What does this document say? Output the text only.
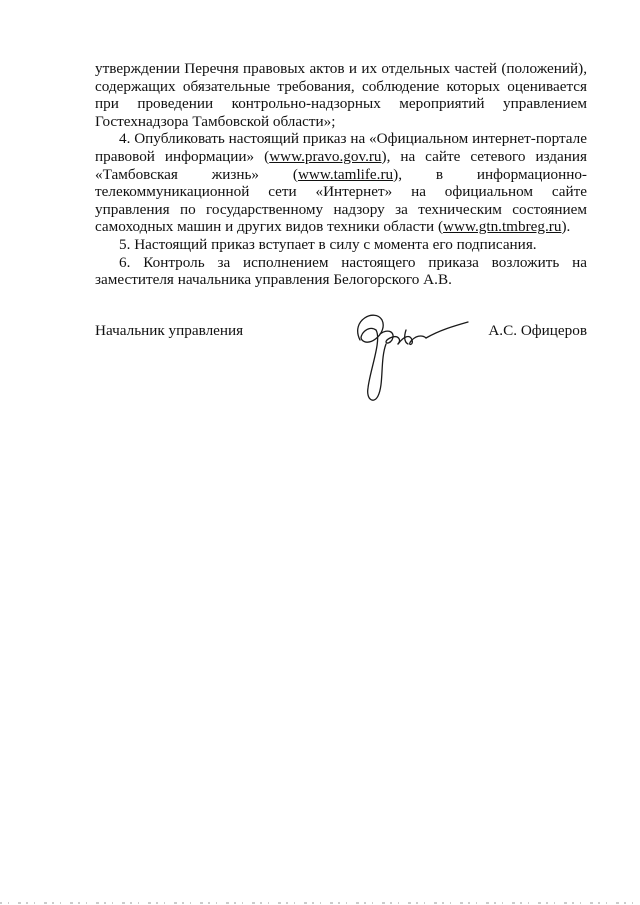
утверждении Перечня правовых актов и их отдельных частей (положений), содержащих обязательные требования, соблюдение которых оценивается при проведении контрольно-надзорных мероприятий управлением Гостехнадзора Тамбовской области»;

4. Опубликовать настоящий приказ на «Официальном интернет-портале правовой информации» (www.pravo.gov.ru), на сайте сетевого издания «Тамбовская жизнь» (www.tamlife.ru), в информационно-телекоммуникационной сети «Интернет» на официальном сайте управления по государственному надзору за техническим состоянием самоходных машин и других видов техники области (www.gtn.tmbreg.ru).

5. Настоящий приказ вступает в силу с момента его подписания.

6. Контроль за исполнением настоящего приказа возложить на заместителя начальника управления Белогорского А.В.

Начальник управления	А.С. Офицеров
